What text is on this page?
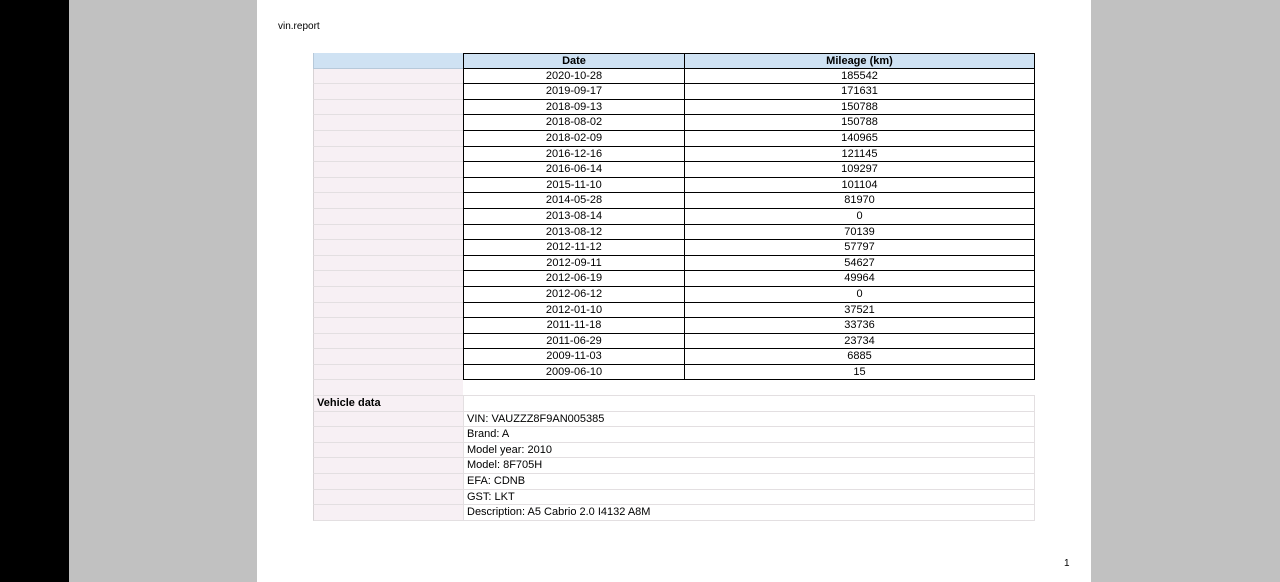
vin.report
Date	Mileage (km)
2020-10-28	185542
2019-09-17	171631
2018-09-13	150788
2018-08-02	150788
2018-02-09	140965
2016-12-16	121145
2016-06-14	109297
2015-11-10	101104
2014-05-28	81970
2013-08-14	0
2013-08-12	70139
2012-11-12	57797
2012-09-11	54627
2012-06-19	49964
2012-06-12	0
2012-01-10	37521
2011-11-18	33736
2011-06-29	23734
2009-11-03	6885
2009-06-10	15
Vehicle data
VIN: VAUZZZ8F9AN005385
Brand: A
Model year: 2010
Model: 8F705H
EFA: CDNB
GST: LKT
Description: A5 Cabrio 2.0 I4132 A8M
1
